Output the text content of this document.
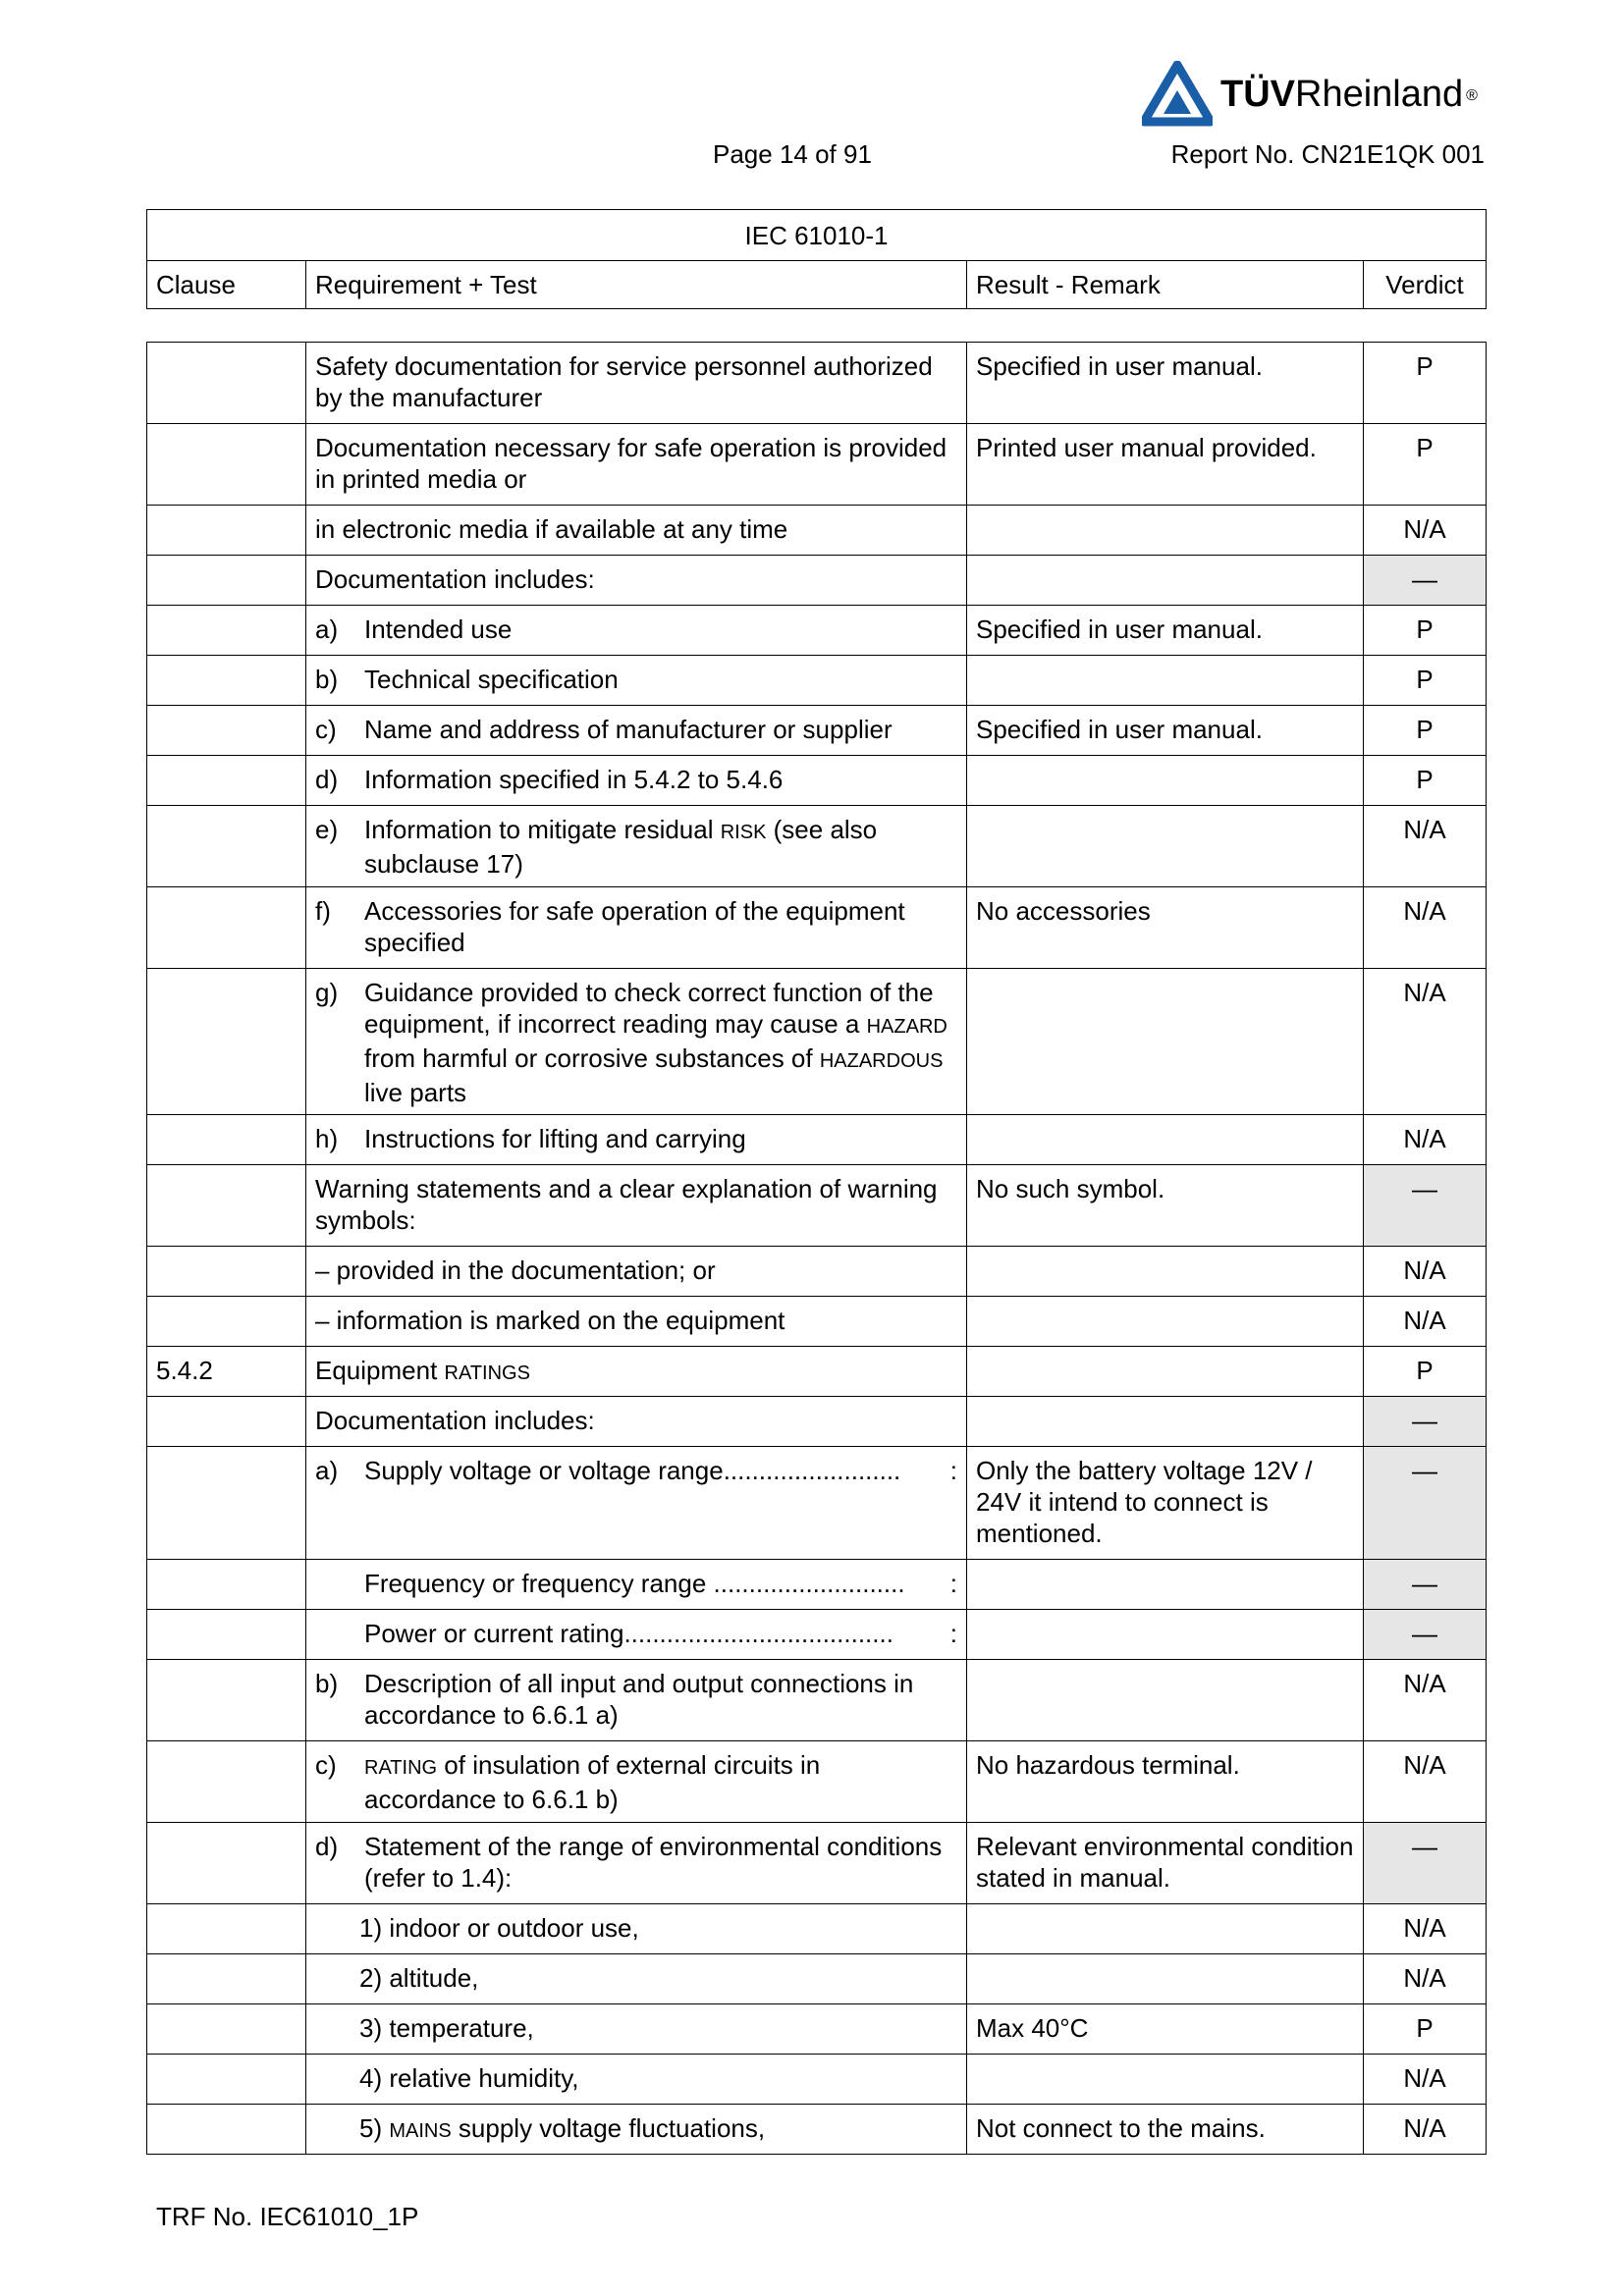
TÜVRheinland ®
Page 14 of 91	Report No. CN21E1QK 001
IEC 61010-1
Clause	Requirement + Test	Result - Remark	Verdict
	Safety documentation for service personnel authorized by the manufacturer	Specified in user manual.	P
	Documentation necessary for safe operation is provided in printed media or	Printed user manual provided.	P
	in electronic media if available at any time		N/A
	Documentation includes:		—

	a) Intended use	Specified in user manual.	P

	b) Technical specification		P

	c) Name and address of manufacturer or supplier	Specified in user manual.	P

	d) Information specified in 5.4.2 to 5.4.6		P

	e) Information to mitigate residual RISK (see also subclause 17)		N/A

	f) Accessories for safe operation of the equipment specified	No accessories	N/A

	g) Guidance provided to check correct function of the equipment, if incorrect reading may cause a HAZARD from harmful or corrosive substances of HAZARDOUS live parts		N/A

	h) Instructions for lifting and carrying		N/A
	Warning statements and a clear explanation of warning symbols:	No such symbol.	—
	– provided in the documentation; or		N/A
	– information is marked on the equipment		N/A
5.4.2	Equipment RATINGS		P
	Documentation includes:		—

	a) Supply voltage or voltage range......................... :	Only the battery voltage 12V / 24V it intend to connect is mentioned.	—

	Frequency or frequency range ........................... :		—

	Power or current rating...................................... :		—

	b) Description of all input and output connections in accordance to 6.6.1 a)		N/A

	c) RATING of insulation of external circuits in accordance to 6.6.1 b)	No hazardous terminal.	N/A

	d) Statement of the range of environmental conditions (refer to 1.4):	Relevant environmental condition stated in manual.	—

	1) indoor or outdoor use,		N/A

	2) altitude,		N/A

	3) temperature,	Max 40°C	P

	4) relative humidity,		N/A

	5) MAINS supply voltage fluctuations,	Not connect to the mains.	N/A
TRF No. IEC61010_1P
